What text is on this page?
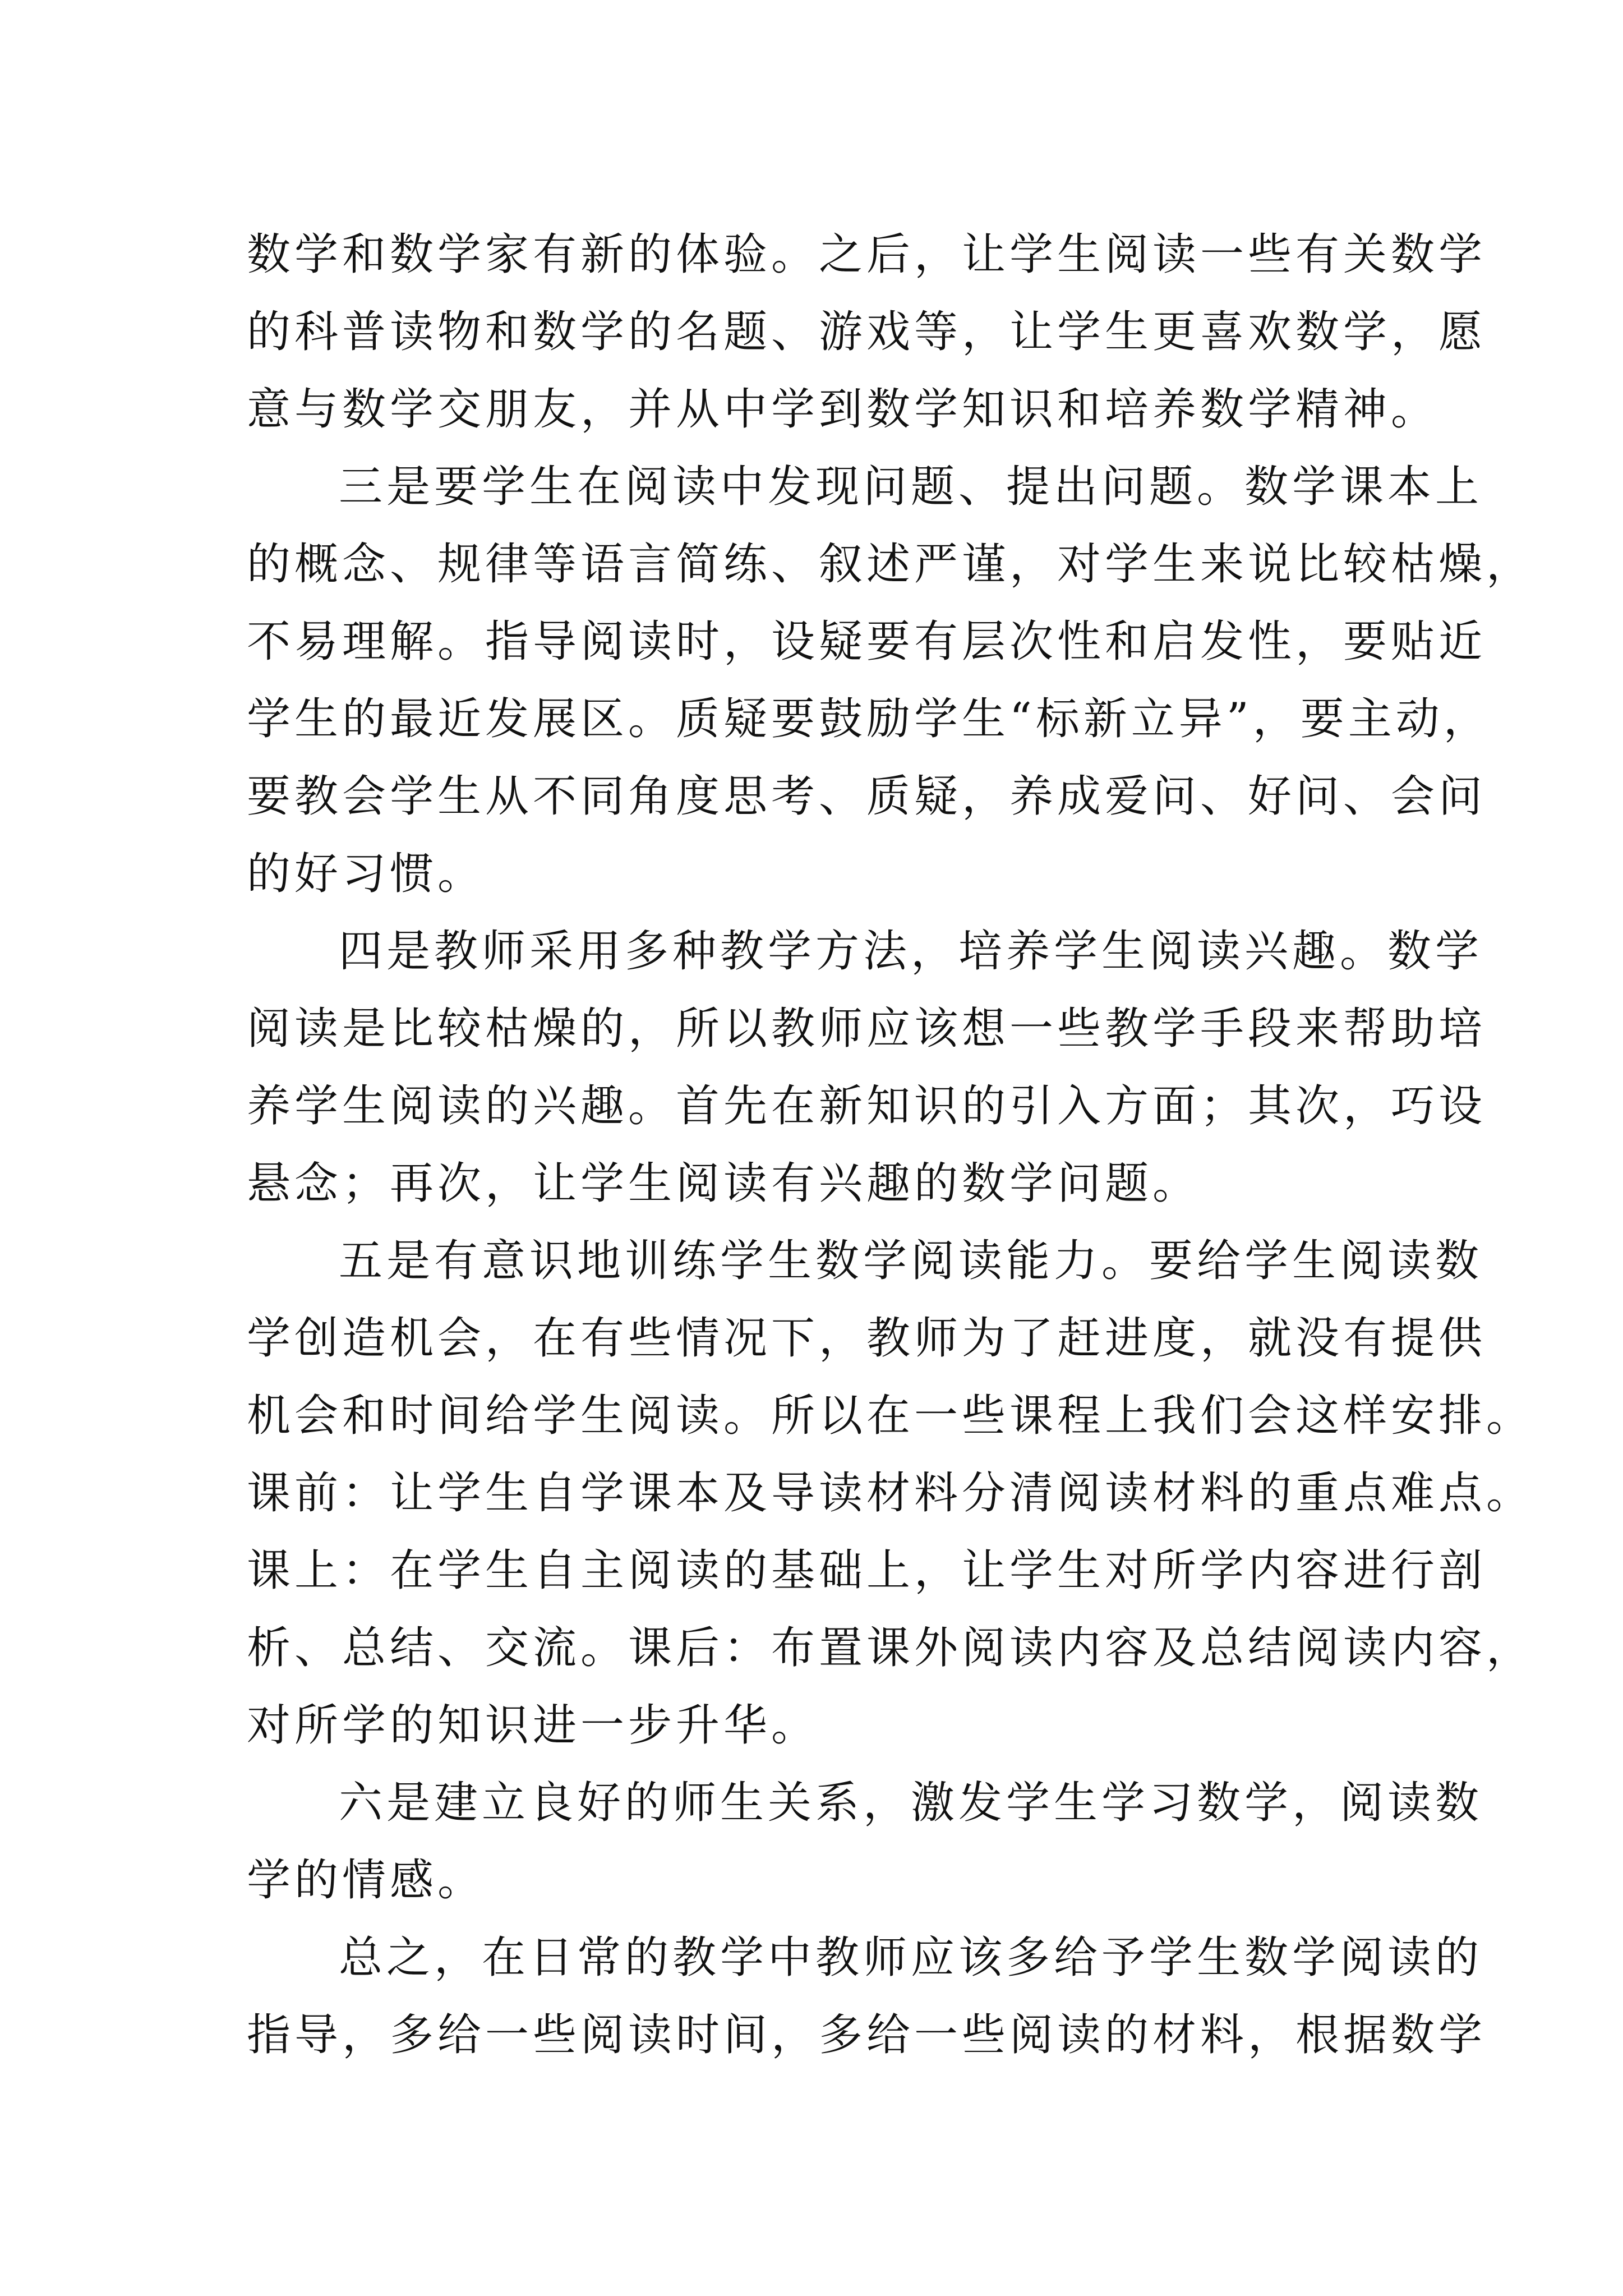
数学和数学家有新的体验。之后，让学生阅读一些有关数学
的科普读物和数学的名题、游戏等，让学生更喜欢数学，愿
意与数学交朋友，并从中学到数学知识和培养数学精神。
三是要学生在阅读中发现问题、提出问题。数学课本上
的概念、规律等语言简练、叙述严谨，对学生来说比较枯燥，
不易理解。指导阅读时，设疑要有层次性和启发性，要贴近
学生的最近发展区。质疑要鼓励学生“标新立异”，要主动，
要教会学生从不同角度思考、质疑，养成爱问、好问、会问
的好习惯。
四是教师采用多种教学方法，培养学生阅读兴趣。数学
阅读是比较枯燥的，所以教师应该想一些教学手段来帮助培
养学生阅读的兴趣。首先在新知识的引入方面；其次，巧设
悬念；再次，让学生阅读有兴趣的数学问题。
五是有意识地训练学生数学阅读能力。要给学生阅读数
学创造机会，在有些情况下，教师为了赶进度，就没有提供
机会和时间给学生阅读。所以在一些课程上我们会这样安排。
课前：让学生自学课本及导读材料分清阅读材料的重点难点。
课上：在学生自主阅读的基础上，让学生对所学内容进行剖
析、总结、交流。课后：布置课外阅读内容及总结阅读内容，
对所学的知识进一步升华。
六是建立良好的师生关系，激发学生学习数学，阅读数
学的情感。
总之，在日常的教学中教师应该多给予学生数学阅读的
指导，多给一些阅读时间，多给一些阅读的材料，根据数学
